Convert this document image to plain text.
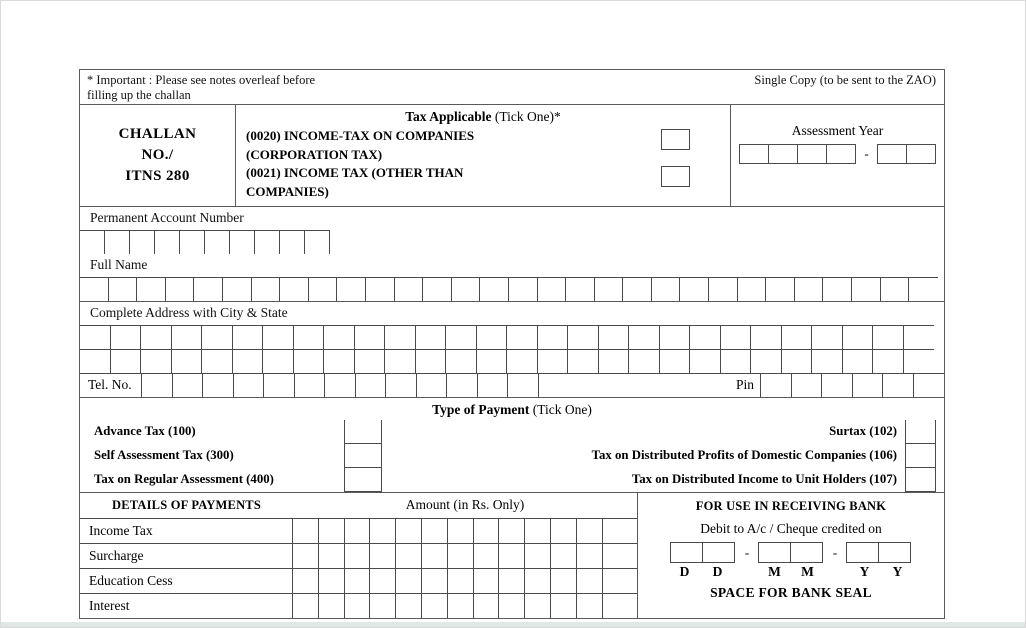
* Important : Please see notes overleaf before
filling up the challan
Single Copy (to be sent to the ZAO)
CHALLAN
NO./
ITNS 280
Tax Applicable (Tick One)*
(0020) INCOME-TAX ON COMPANIES
(CORPORATION TAX)
(0021) INCOME TAX (OTHER THAN
COMPANIES)
Assessment Year
-
Permanent Account Number
Full Name
Complete Address with City & State
Tel. No.	Pin
Type of Payment (Tick One)
Advance Tax (100)	Surtax (102)
Self Assessment Tax (300)	Tax on Distributed Profits of Domestic Companies (106)
Tax on Regular Assessment (400)	Tax on Distributed Income to Unit Holders (107)
DETAILS OF PAYMENTS	Amount (in Rs. Only)
Income Tax
Surcharge
Education Cess
Interest
FOR USE IN RECEIVING BANK
Debit to A/c / Cheque credited on
-	-
D	D	M	M	Y	Y
SPACE FOR BANK SEAL
